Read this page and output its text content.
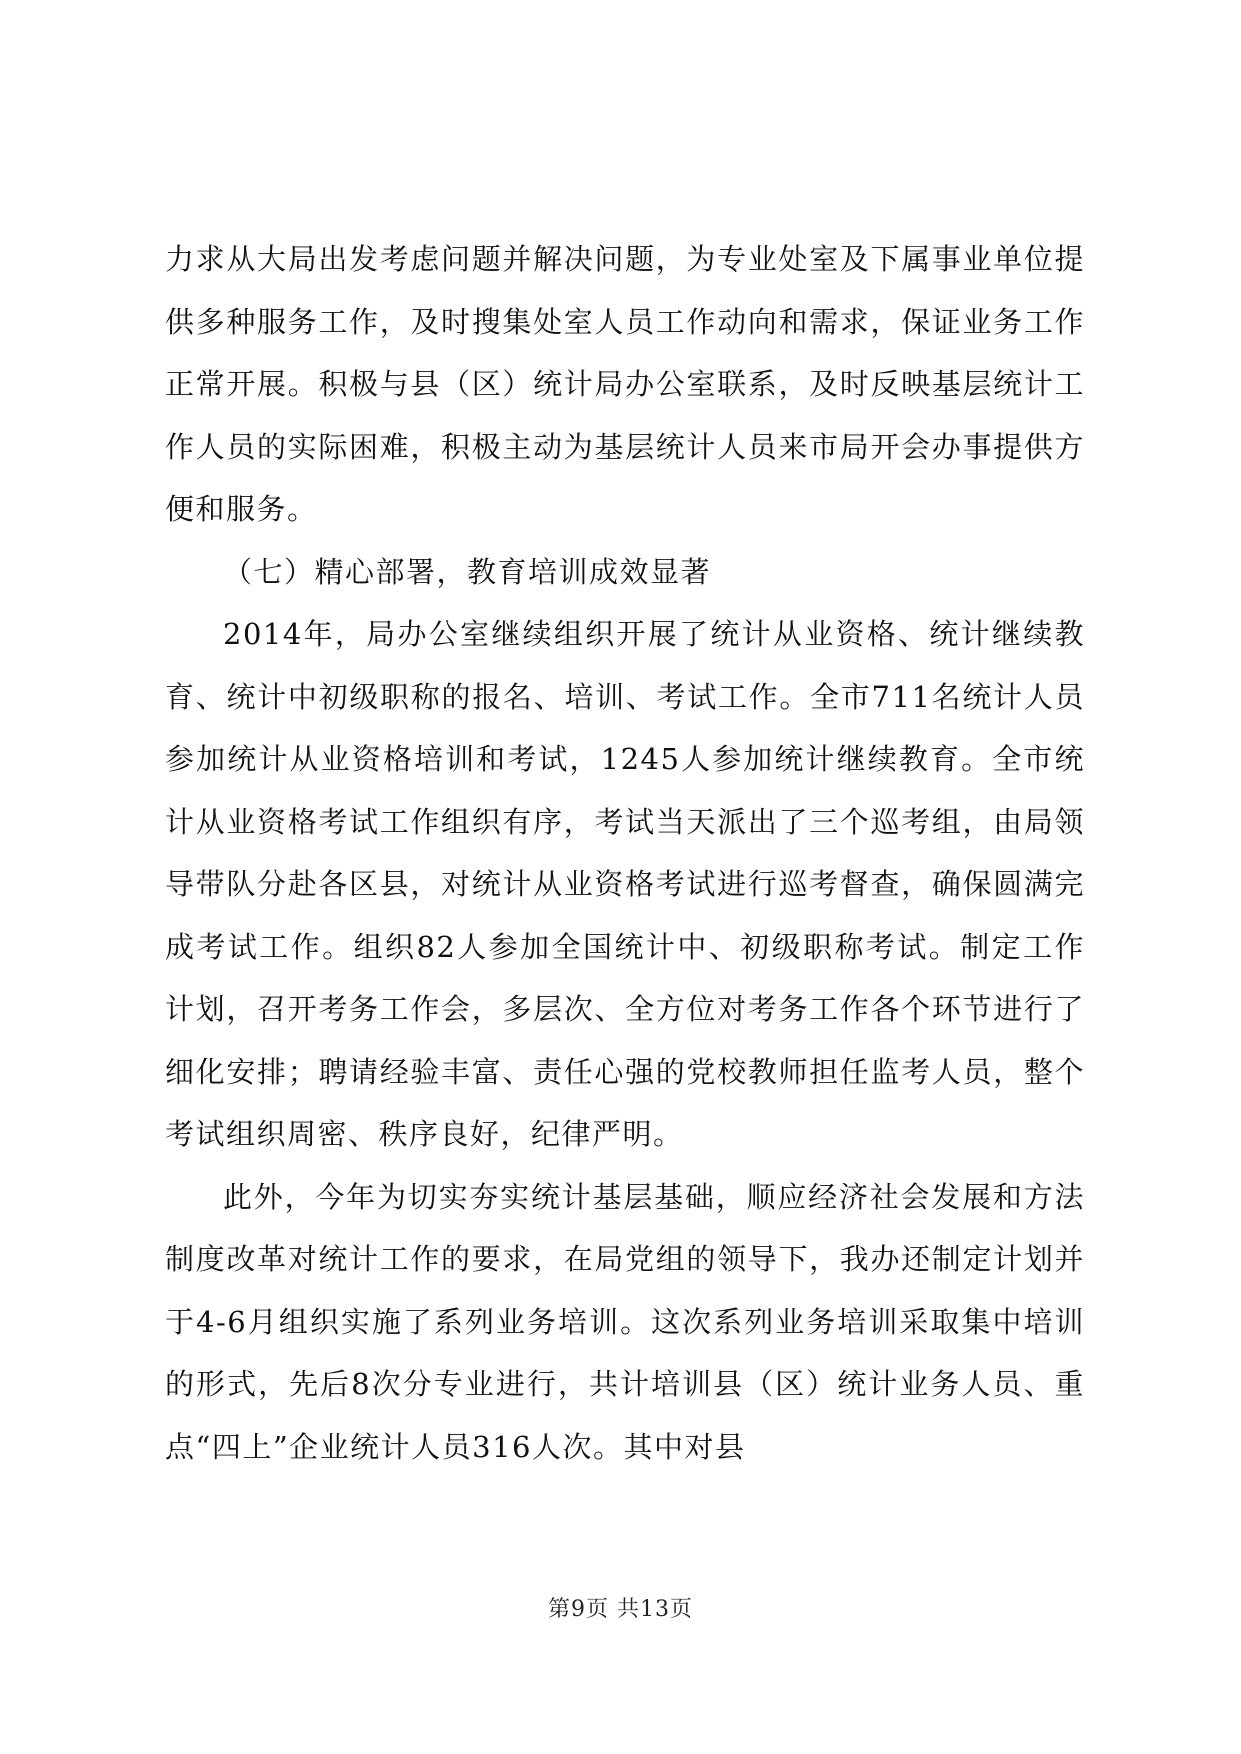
力求从大局出发考虑问题并解决问题，为专业处室及下属事业单位提供多种服务工作，及时搜集处室人员工作动向和需求，保证业务工作正常开展。积极与县（区）统计局办公室联系，及时反映基层统计工作人员的实际困难，积极主动为基层统计人员来市局开会办事提供方便和服务。

（七）精心部署，教育培训成效显著

2014年，局办公室继续组织开展了统计从业资格、统计继续教育、统计中初级职称的报名、培训、考试工作。全市711名统计人员参加统计从业资格培训和考试，1245人参加统计继续教育。全市统计从业资格考试工作组织有序，考试当天派出了三个巡考组，由局领导带队分赴各区县，对统计从业资格考试进行巡考督查，确保圆满完成考试工作。组织82人参加全国统计中、初级职称考试。制定工作计划，召开考务工作会，多层次、全方位对考务工作各个环节进行了细化安排；聘请经验丰富、责任心强的党校教师担任监考人员，整个考试组织周密、秩序良好，纪律严明。

此外，今年为切实夯实统计基层基础，顺应经济社会发展和方法制度改革对统计工作的要求，在局党组的领导下，我办还制定计划并于4-6月组织实施了系列业务培训。这次系列业务培训采取集中培训的形式，先后8次分专业进行，共计培训县（区）统计业务人员、重点“四上”企业统计人员316人次。其中对县

第9页 共13页
